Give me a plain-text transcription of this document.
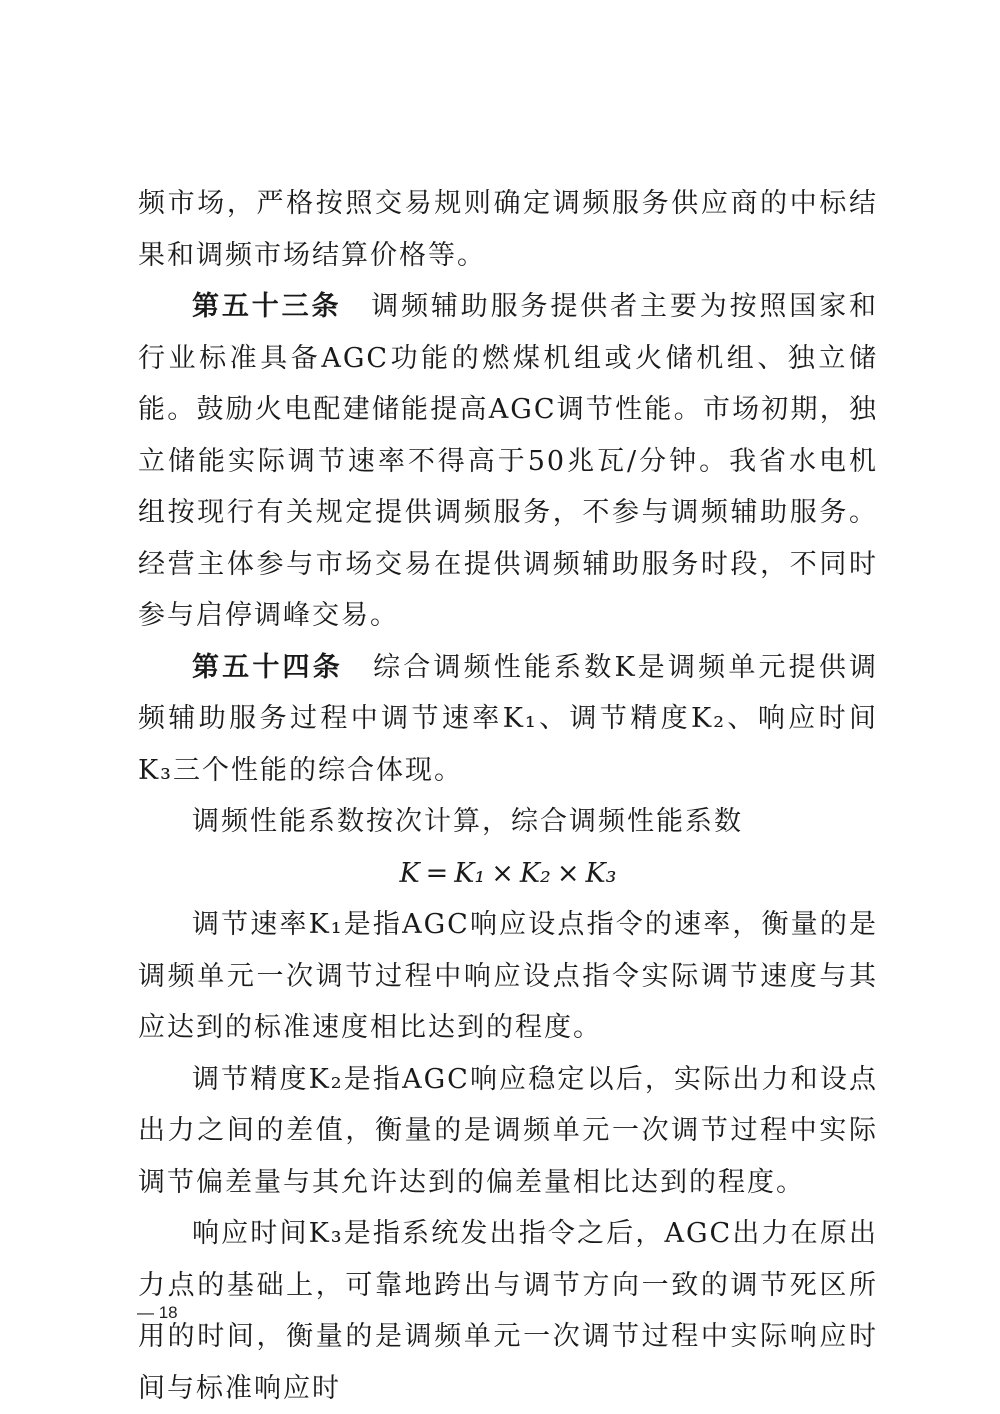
频市场，严格按照交易规则确定调频服务供应商的中标结果和调频市场结算价格等。

第五十三条　 调频辅助服务提供者主要为按照国家和行业标准具备AGC功能的燃煤机组或火储机组、独立储能。鼓励火电配建储能提高AGC调节性能。市场初期，独立储能实际调节速率不得高于50兆瓦/分钟。我省水电机组按现行有关规定提供调频服务，不参与调频辅助服务。经营主体参与市场交易在提供调频辅助服务时段，不同时参与启停调峰交易。

第五十四条　 综合调频性能系数K是调频单元提供调频辅助服务过程中调节速率K₁、调节精度K₂、响应时间K₃三个性能的综合体现。

调频性能系数按次计算，综合调频性能系数

K = K₁ × K₂ × K₃

调节速率K₁是指AGC响应设点指令的速率，衡量的是调频单元一次调节过程中响应设点指令实际调节速度与其应达到的标准速度相比达到的程度。

调节精度K₂是指AGC响应稳定以后，实际出力和设点出力之间的差值，衡量的是调频单元一次调节过程中实际调节偏差量与其允许达到的偏差量相比达到的程度。

响应时间K₃是指系统发出指令之后，AGC出力在原出力点的基础上，可靠地跨出与调节方向一致的调节死区所用的时间，衡量的是调频单元一次调节过程中实际响应时间与标准响应时

— 18
